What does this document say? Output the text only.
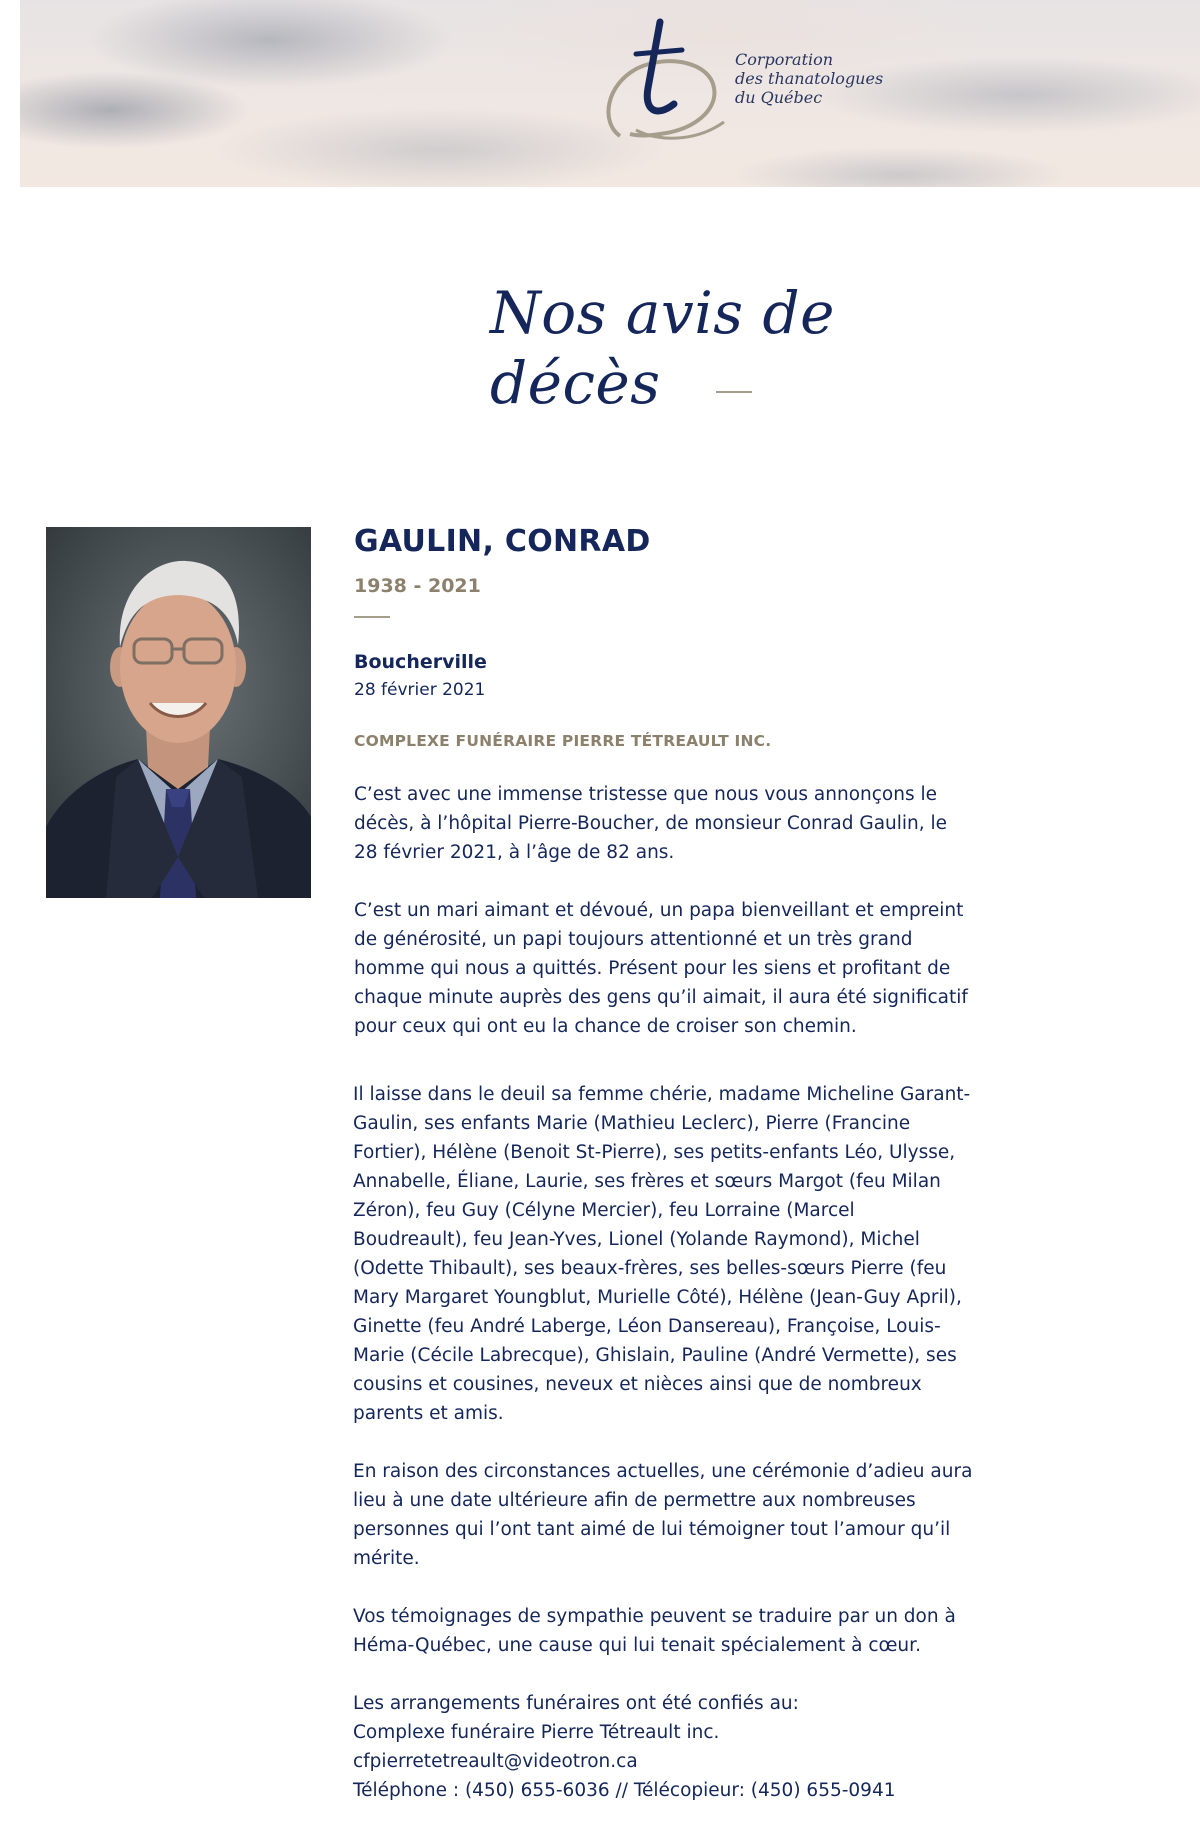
Corporation
des thanatologues
du Québec
Nos avis de décès
GAULIN, CONRAD
1938 - 2021
Boucherville
28 février 2021
COMPLEXE FUNÉRAIRE PIERRE TÉTREAULT INC.

C’est avec une immense tristesse que nous vous annonçons le décès, à l’hôpital Pierre-Boucher, de monsieur Conrad Gaulin, le 28 février 2021, à l’âge de 82 ans.

C’est un mari aimant et dévoué, un papa bienveillant et empreint de générosité, un papi toujours attentionné et un très grand homme qui nous a quittés. Présent pour les siens et profitant de chaque minute auprès des gens qu’il aimait, il aura été significatif pour ceux qui ont eu la chance de croiser son chemin.

Il laisse dans le deuil sa femme chérie, madame Micheline Garant-Gaulin, ses enfants Marie (Mathieu Leclerc), Pierre (Francine Fortier), Hélène (Benoit St-Pierre), ses petits-enfants Léo, Ulysse, Annabelle, Éliane, Laurie, ses frères et sœurs Margot (feu Milan Zéron), feu Guy (Célyne Mercier), feu Lorraine (Marcel Boudreault), feu Jean-Yves, Lionel (Yolande Raymond), Michel (Odette Thibault), ses beaux-frères, ses belles-sœurs Pierre (feu Mary Margaret Youngblut, Murielle Côté), Hélène (Jean-Guy April), Ginette (feu André Laberge, Léon Dansereau), Françoise, Louis-Marie (Cécile Labrecque), Ghislain, Pauline (André Vermette), ses cousins et cousines, neveux et nièces ainsi que de nombreux parents et amis.

En raison des circonstances actuelles, une cérémonie d’adieu aura lieu à une date ultérieure afin de permettre aux nombreuses personnes qui l’ont tant aimé de lui témoigner tout l’amour qu’il mérite.

Vos témoignages de sympathie peuvent se traduire par un don à Héma-Québec, une cause qui lui tenait spécialement à cœur.

Les arrangements funéraires ont été confiés au:
Complexe funéraire Pierre Tétreault inc.
cfpierretetreault@videotron.ca
Téléphone : (450) 655-6036 // Télécopieur: (450) 655-0941
